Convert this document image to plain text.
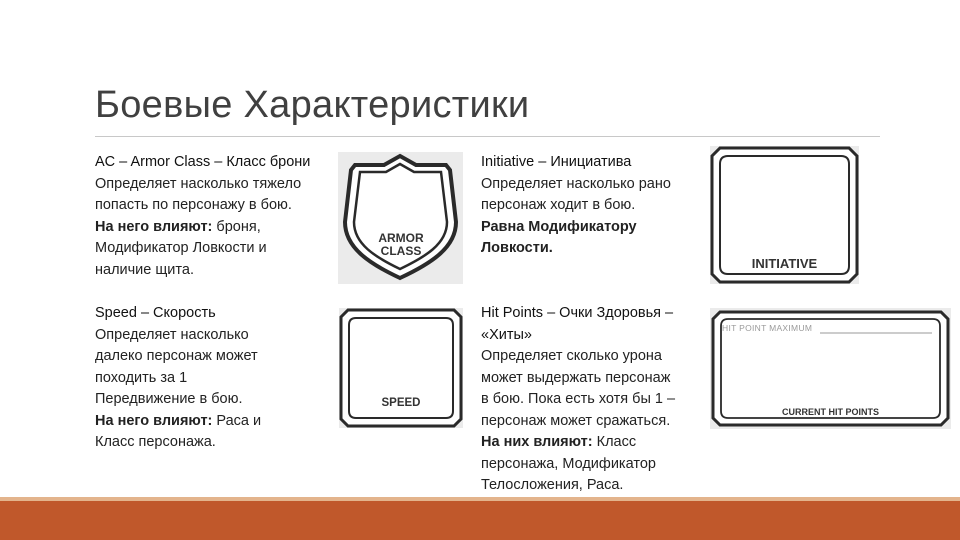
Боевые Характеристики
AC – Armor Class – Класс брони
Определяет насколько тяжело
попасть по персонажу в бою.
На него влияют: броня,
Модификатор Ловкости и
наличие щита.
ARMOR
CLASS
Initiative – Инициатива
Определяет насколько рано
персонаж ходит в бою.
Равна Модификатору
Ловкости.
INITIATIVE
Speed – Скорость
Определяет насколько
далеко персонаж может
походить за 1
Передвижение в бою.
На него влияют: Раса и
Класс персонажа.
SPEED
Hit Points – Очки Здоровья –
«Хиты»
Определяет сколько урона
может выдержать персонаж
в бою. Пока есть хотя бы 1 –
персонаж может сражаться.
На них влияют: Класс
персонажа, Модификатор
Телосложения, Раса.
HIT POINT MAXIMUM
CURRENT HIT POINTS
